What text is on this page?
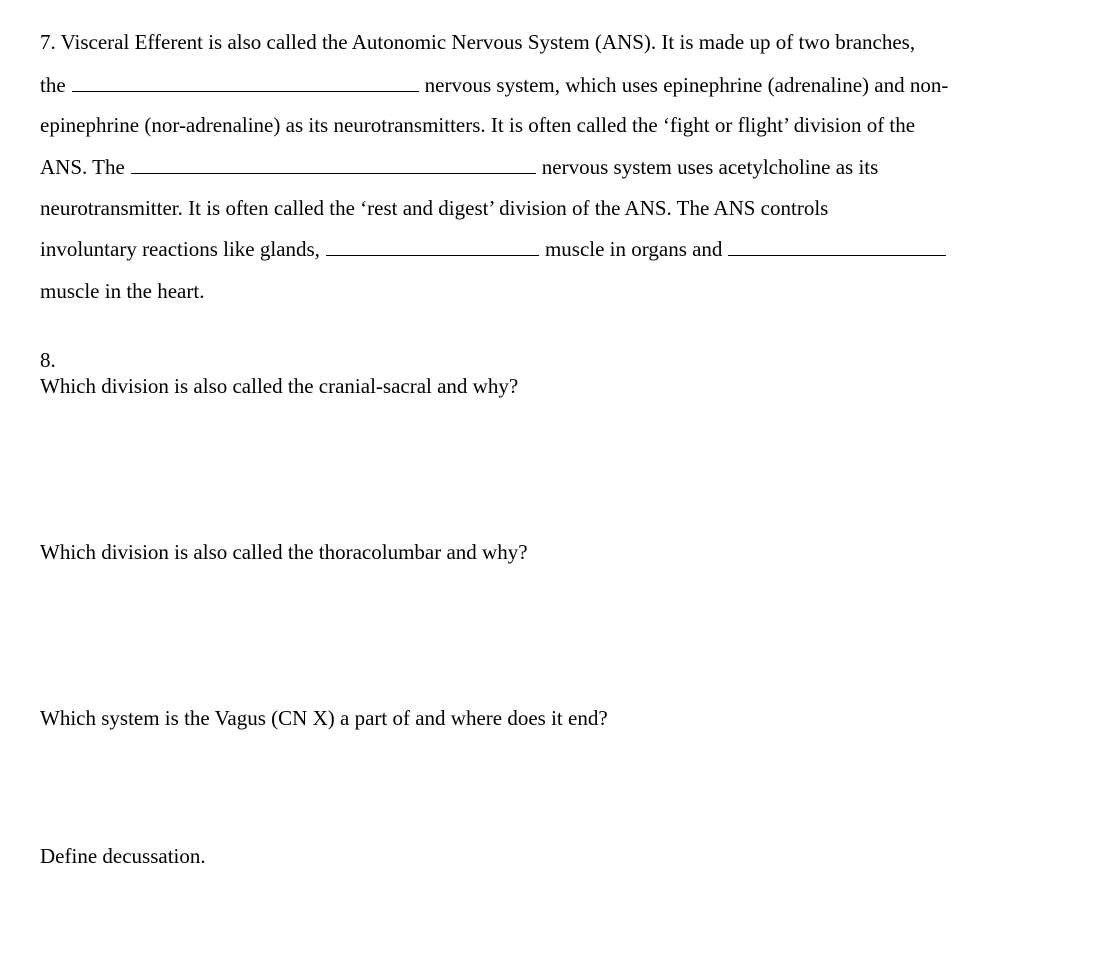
7. Visceral Efferent is also called the Autonomic Nervous System (ANS). It is made up of two branches,
the	nervous system, which uses epinephrine (adrenaline) and non-
epinephrine (nor-adrenaline) as its neurotransmitters. It is often called the ‘fight or flight’ division of the
ANS. The	nervous system uses acetylcholine as its
neurotransmitter. It is often called the ‘rest and digest’ division of the ANS. The ANS controls
involuntary reactions like glands,	muscle in organs and
muscle in the heart.
8.
Which division is also called the cranial-sacral and why?
Which division is also called the thoracolumbar and why?
Which system is the Vagus (CN X) a part of and where does it end?
Define decussation.
